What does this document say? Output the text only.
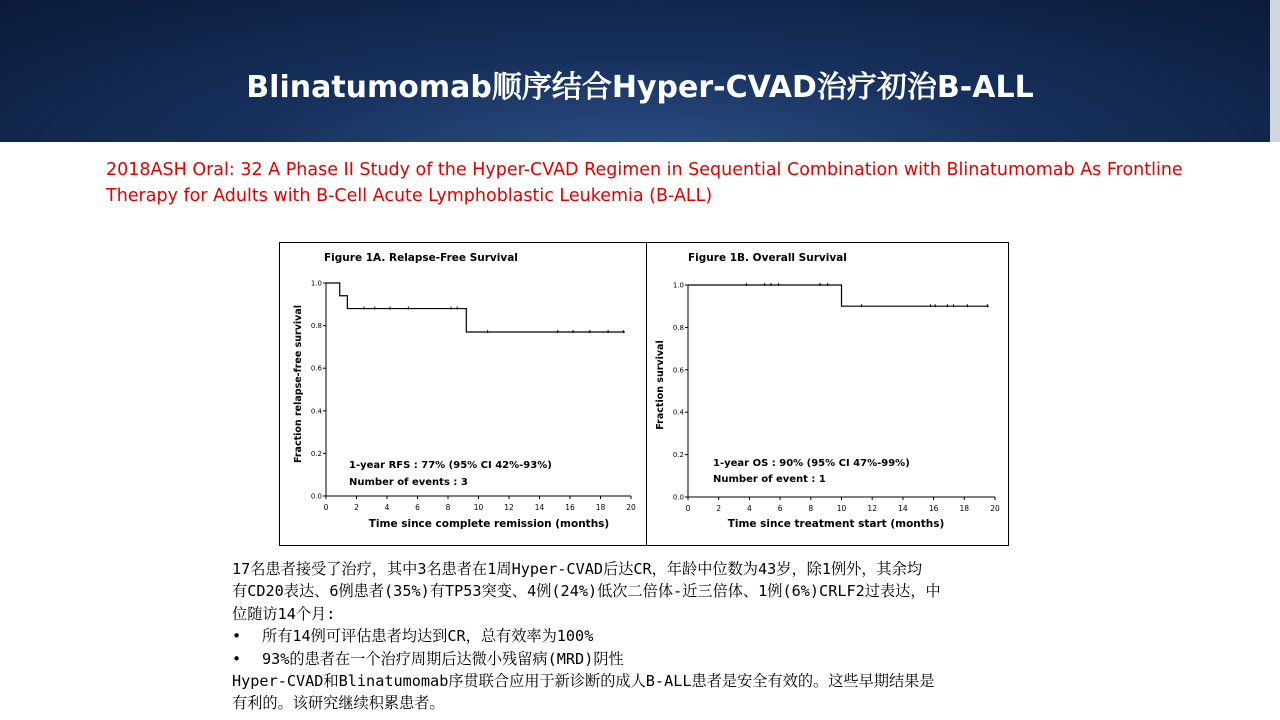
Blinatumomab顺序结合Hyper-CVAD治疗初治B-ALL
2018ASH Oral: 32 A Phase II Study of the Hyper-CVAD Regimen in Sequential Combination with Blinatumomab As Frontline
Therapy for Adults with B-Cell Acute Lymphoblastic Leukemia (B-ALL)
Figure 1A. Relapse-Free Survival
Fraction relapse-free survival
Time since complete remission (months)
1-year RFS : 77% (95% CI 42%-93%)
Number of events : 3
0	2	4	6	8	10	12	14	16	18	20
0.0
0.2
0.4
0.6
0.8
1.0
Figure 1B. Overall Survival
Fraction survival
Time since treatment start (months)
1-year OS : 90% (95% CI 47%-99%)
Number of event : 1
0	2	4	6	8	10	12	14	16	18	20
0.0
0.2
0.4
0.6
0.8
1.0

17名患者接受了治疗，其中3名患者在1周Hyper-CVAD后达CR，年龄中位数为43岁，除1例外，其余均

有CD20表达、6例患者(35%)有TP53突变、4例(24%)低次二倍体-近三倍体、1例(6%)CRLF2过表达，中

位随访14个月:

• 所有14例可评估患者均达到CR，总有效率为100%

• 93%的患者在一个治疗周期后达微小残留病(MRD)阴性

Hyper-CVAD和Blinatumomab序贯联合应用于新诊断的成人B-ALL患者是安全有效的。这些早期结果是

有利的。该研究继续积累患者。
